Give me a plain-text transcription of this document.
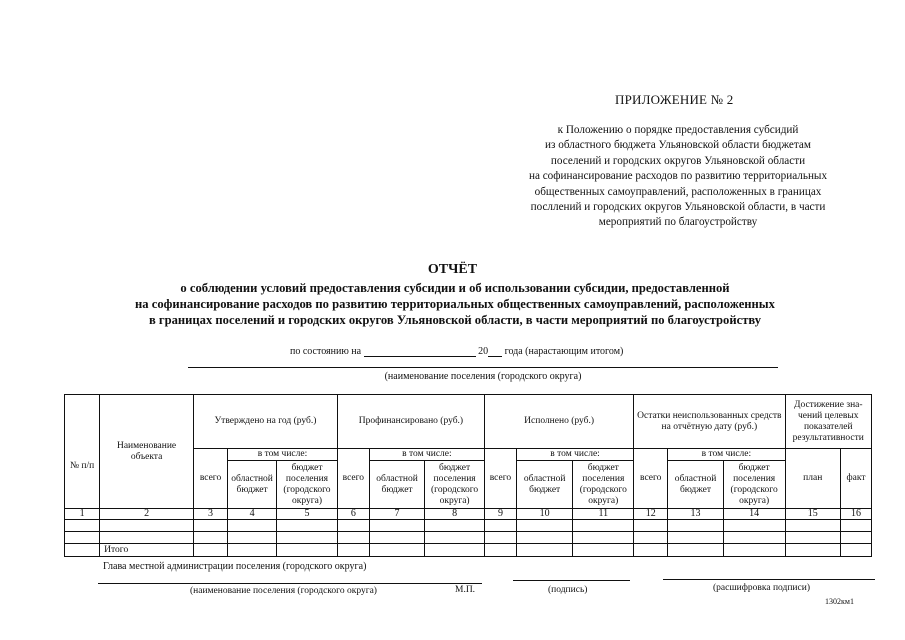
ПРИЛОЖЕНИЕ № 2
к Положению о порядке предоставления субсидий
из областного бюджета Ульяновской области бюджетам
поселений и городских округов Ульяновской области
на софинансирование расходов по развитию территориальных
общественных самоуправлений, расположенных в границах
посллений и городских округов Ульяновской области, в части
мероприятий по благоустройству
ОТЧЁТ
о соблюдении условий предоставления субсидии и об использовании субсидии, предоставленной
на софинансирование расходов по развитию территориальных общественных самоуправлений, расположенных
в границах поселений и городских округов Ульяновской области, в части мероприятий по благоустройству
по состоянию на	20 года (нарастающим итогом)
(наименование поселения (городского округа)
№ п/п	Наименование объекта	Утверждено на год (руб.)			Профинансировано (руб.)			Исполнено (руб.)			Остатки неиспользованных средств на отчётную дату (руб.)			Достижение зна- чений целевых показателей результативности	
		всего	в том числе:		всего	в том числе:		всего	в том числе:		всего	в том числе:		план	факт
			областной бюджет	бюджет поселения (городского округа)		областной бюджет	бюджет поселения (городского округа)		областной бюджет	бюджет поселения (городского округа)		областной бюджет	бюджет поселения (городского округа)		
1	2	3	4	5	6	7	8	9	10	11	12	13	14	15	16

	Итого														
Глава местной администрации поселения (городского округа)
(наименование поселения (городского округа)	М.П.	(подпись)	(расшифровка подписи)
1302км1
